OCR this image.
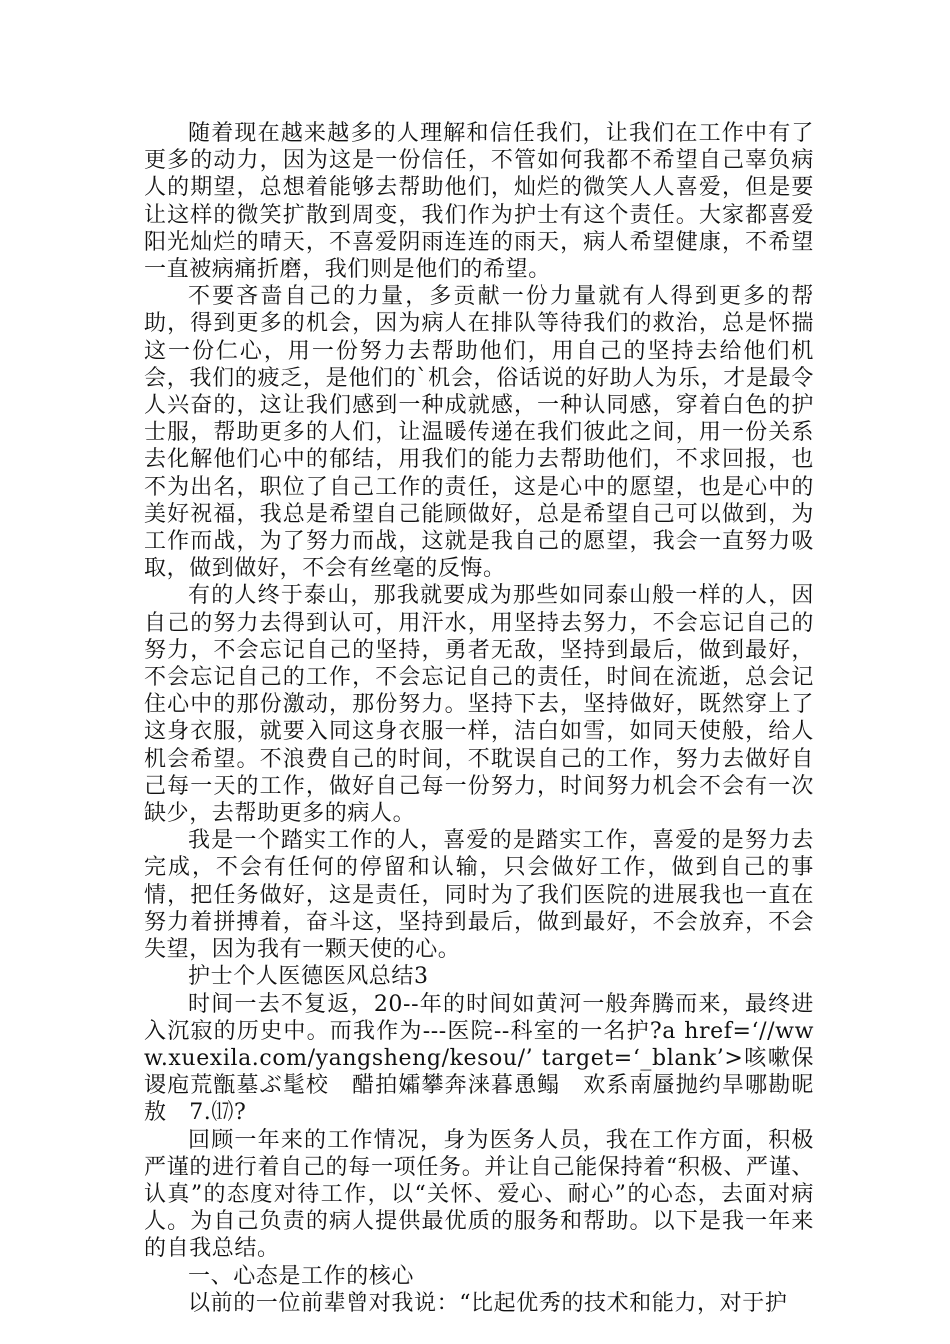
随着现在越来越多的人理解和信任我们，让我们在工作中有了更多的动力，因为这是一份信任，不管如何我都不希望自己辜负病人的期望，总想着能够去帮助他们，灿烂的微笑人人喜爱，但是要让这样的微笑扩散到周变，我们作为护士有这个责任。大家都喜爱阳光灿烂的晴天，不喜爱阴雨连连的雨天，病人希望健康，不希望一直被病痛折磨，我们则是他们的希望。

不要吝啬自己的力量，多贡献一份力量就有人得到更多的帮助，得到更多的机会，因为病人在排队等待我们的救治，总是怀揣这一份仁心，用一份努力去帮助他们，用自己的坚持去给他们机会，我们的疲乏，是他们的`机会，俗话说的好助人为乐，才是最令人兴奋的，这让我们感到一种成就感，一种认同感，穿着白色的护士服，帮助更多的人们，让温暖传递在我们彼此之间，用一份关系去化解他们心中的郁结，用我们的能力去帮助他们，不求回报，也不为出名，职位了自己工作的责任，这是心中的愿望，也是心中的美好祝福，我总是希望自己能顾做好，总是希望自己可以做到，为工作而战，为了努力而战，这就是我自己的愿望，我会一直努力吸取，做到做好，不会有丝毫的反悔。

有的人终于泰山，那我就要成为那些如同泰山般一样的人，因自己的努力去得到认可，用汗水，用坚持去努力，不会忘记自己的努力，不会忘记自己的坚持，勇者无敌，坚持到最后，做到最好，不会忘记自己的工作，不会忘记自己的责任，时间在流逝，总会记住心中的那份激动，那份努力。坚持下去，坚持做好，既然穿上了这身衣服，就要入同这身衣服一样，洁白如雪，如同天使般，给人机会希望。不浪费自己的时间，不耽误自己的工作，努力去做好自己每一天的工作，做好自己每一份努力，时间努力机会不会有一次缺少，去帮助更多的病人。

我是一个踏实工作的人，喜爱的是踏实工作，喜爱的是努力去完成，不会有任何的停留和认输，只会做好工作，做到自己的事情，把任务做好，这是责任，同时为了我们医院的进展我也一直在努力着拼搏着，奋斗这，坚持到最后，做到最好，不会放弃，不会失望，因为我有一颗天使的心。

护士个人医德医风总结3

时间一去不复返，20--年的时间如黄河一般奔腾而来，最终进入沉寂的历史中。而我作为---医院--科室的一名护?a href=‘//www.xuexila.com/yangsheng/kesou/’ target=‘_blank’>咳嗽保　谡庖荒甑墓ぶ髦校　醋拍孀攀奔涞暮恿鳎　欢系南蜃抛约旱哪勘昵敖　7.⒄?

回顾一年来的工作情况，身为医务人员，我在工作方面，积极严谨的进行着自己的每一项任务。并让自己能保持着“积极、严谨、认真”的态度对待工作，以“关怀、爱心、耐心”的心态，去面对病人。为自己负责的病人提供最优质的服务和帮助。以下是我一年来的自我总结。

一、心态是工作的核心

以前的一位前辈曾对我说：“比起优秀的技术和能力，对于护
